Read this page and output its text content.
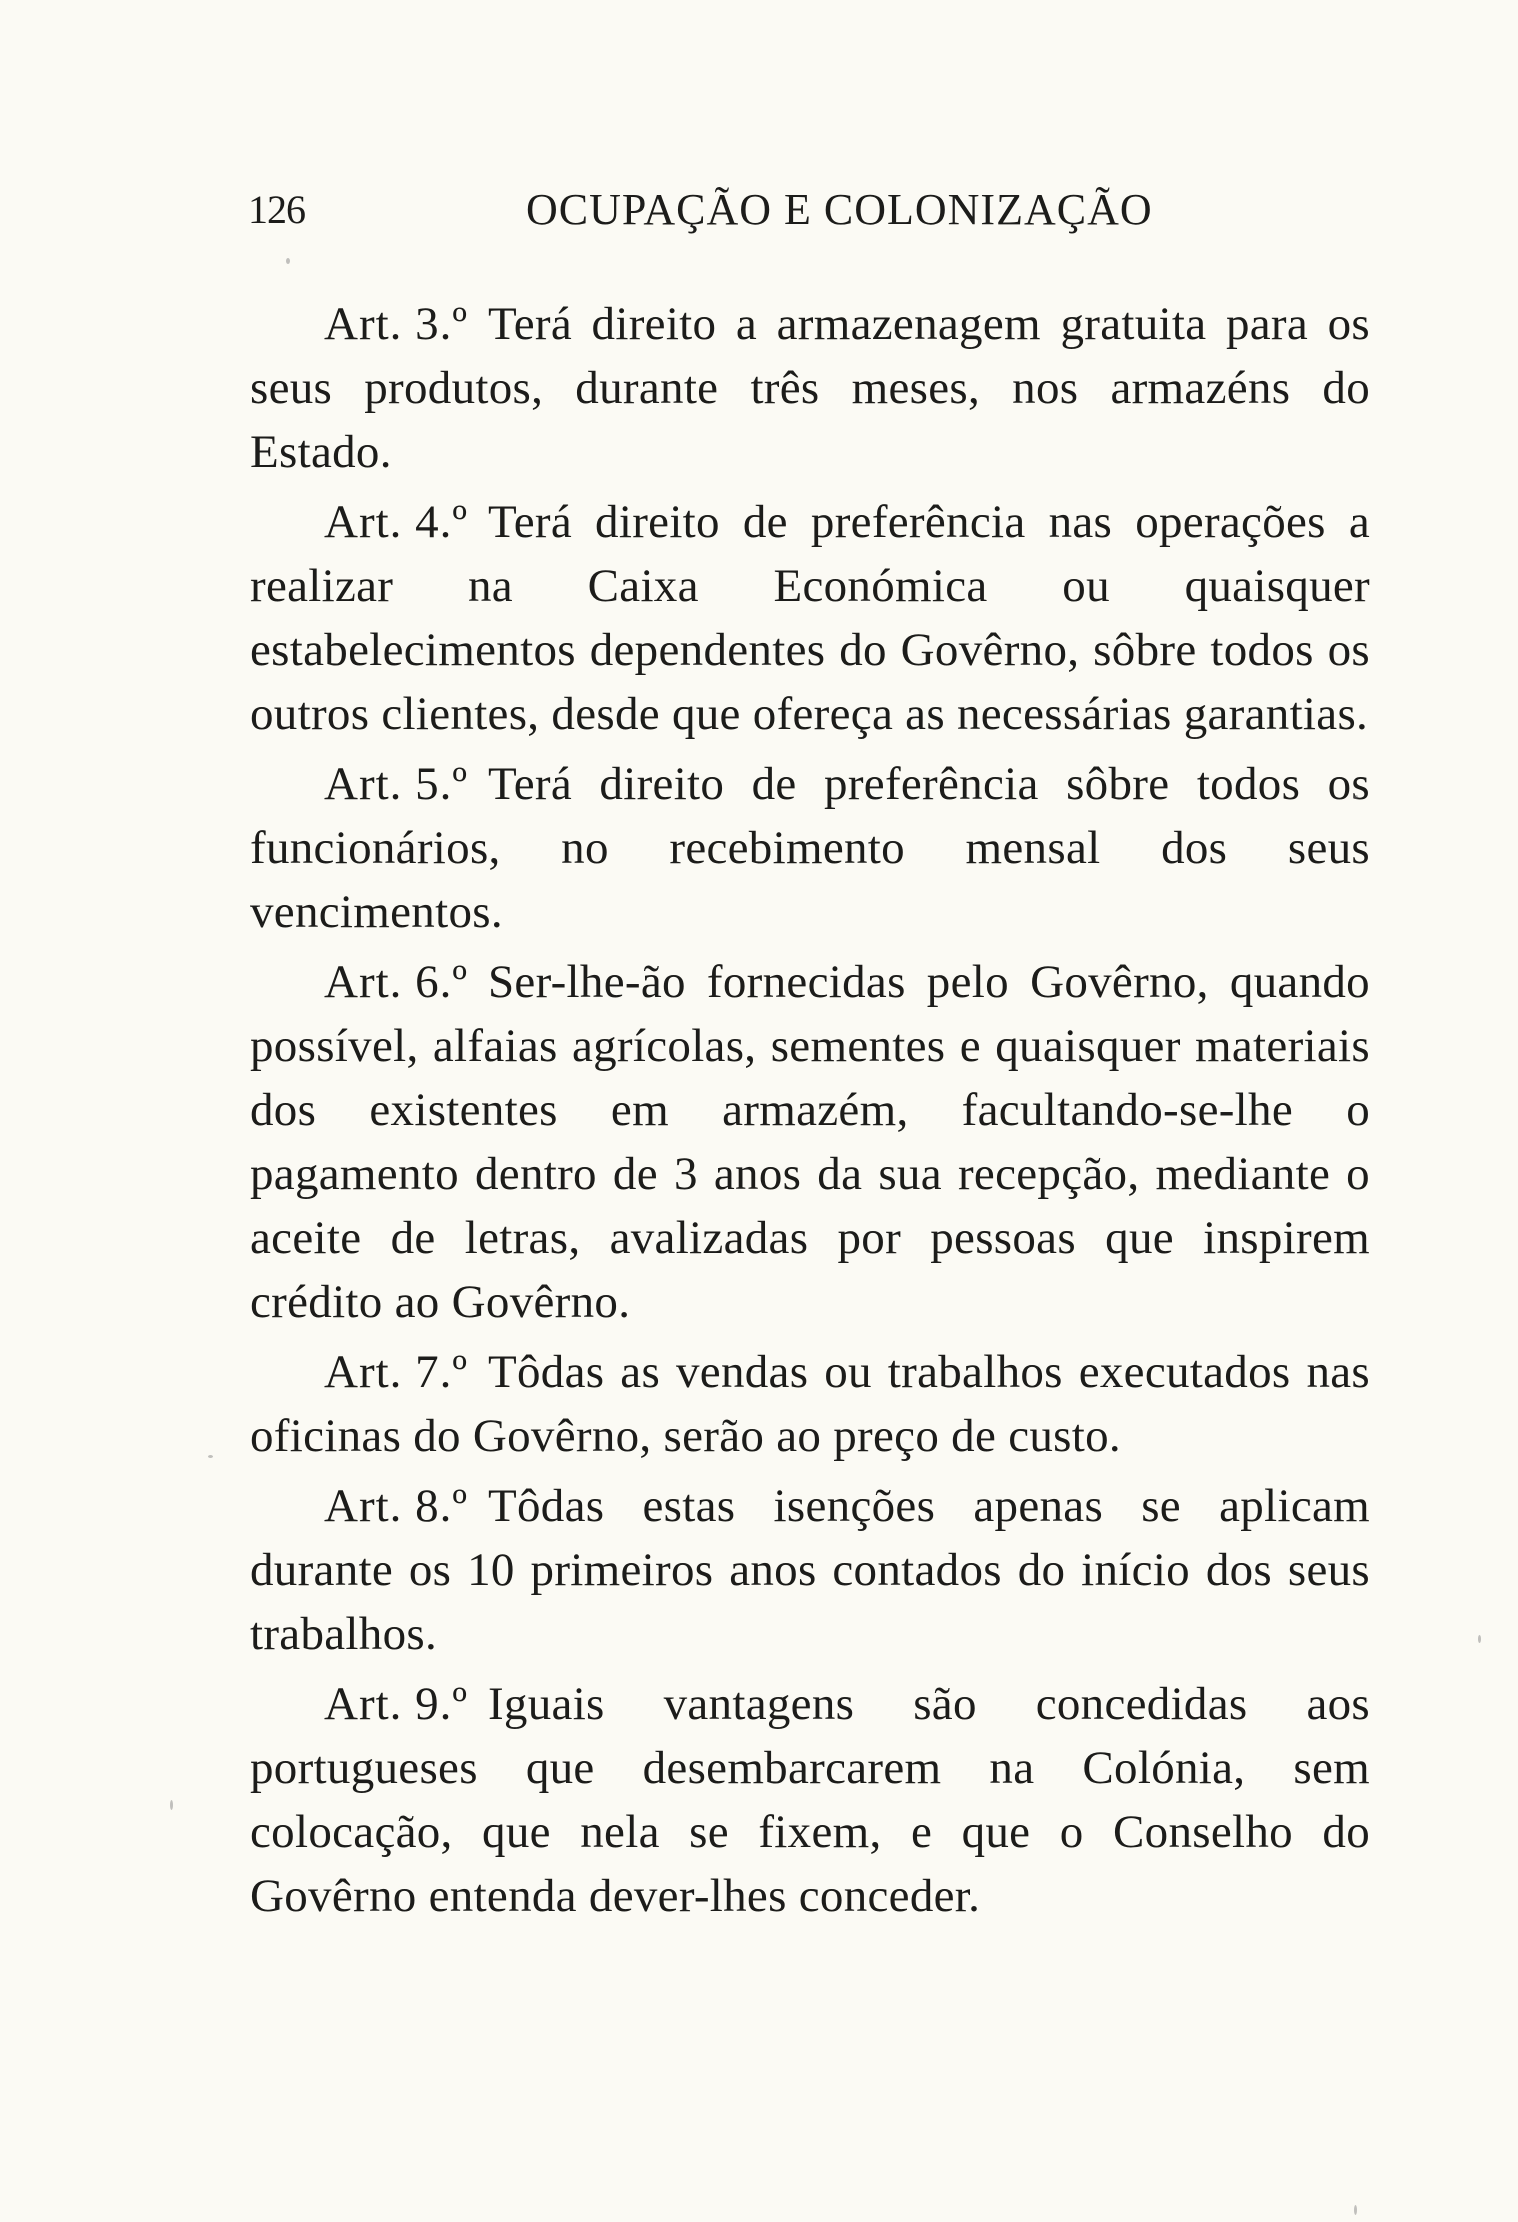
126	OCUPAÇÃO E COLONIZAÇÃO

Art. 3.º Terá direito a armazenagem gratuita para os seus produtos, durante três meses, nos armazéns do Estado.

Art. 4.º Terá direito de preferência nas operações a realizar na Caixa Económica ou quaisquer estabelecimentos dependentes do Govêrno, sôbre todos os outros clientes, desde que ofereça as necessárias garantias.

Art. 5.º Terá direito de preferência sôbre todos os funcionários, no recebimento mensal dos seus vencimentos.

Art. 6.º Ser-lhe-ão fornecidas pelo Govêrno, quando possível, alfaias agrícolas, sementes e quaisquer materiais dos existentes em armazém, facultando-se-lhe o pagamento dentro de 3 anos da sua recepção, mediante o aceite de letras, avalizadas por pessoas que inspirem crédito ao Govêrno.

Art. 7.º Tôdas as vendas ou trabalhos executados nas oficinas do Govêrno, serão ao preço de custo.

Art. 8.º Tôdas estas isenções apenas se aplicam durante os 10 primeiros anos contados do início dos seus trabalhos.

Art. 9.º Iguais vantagens são concedidas aos portugueses que desembarcarem na Colónia, sem colocação, que nela se fixem, e que o Conselho do Govêrno entenda dever-lhes conceder.
